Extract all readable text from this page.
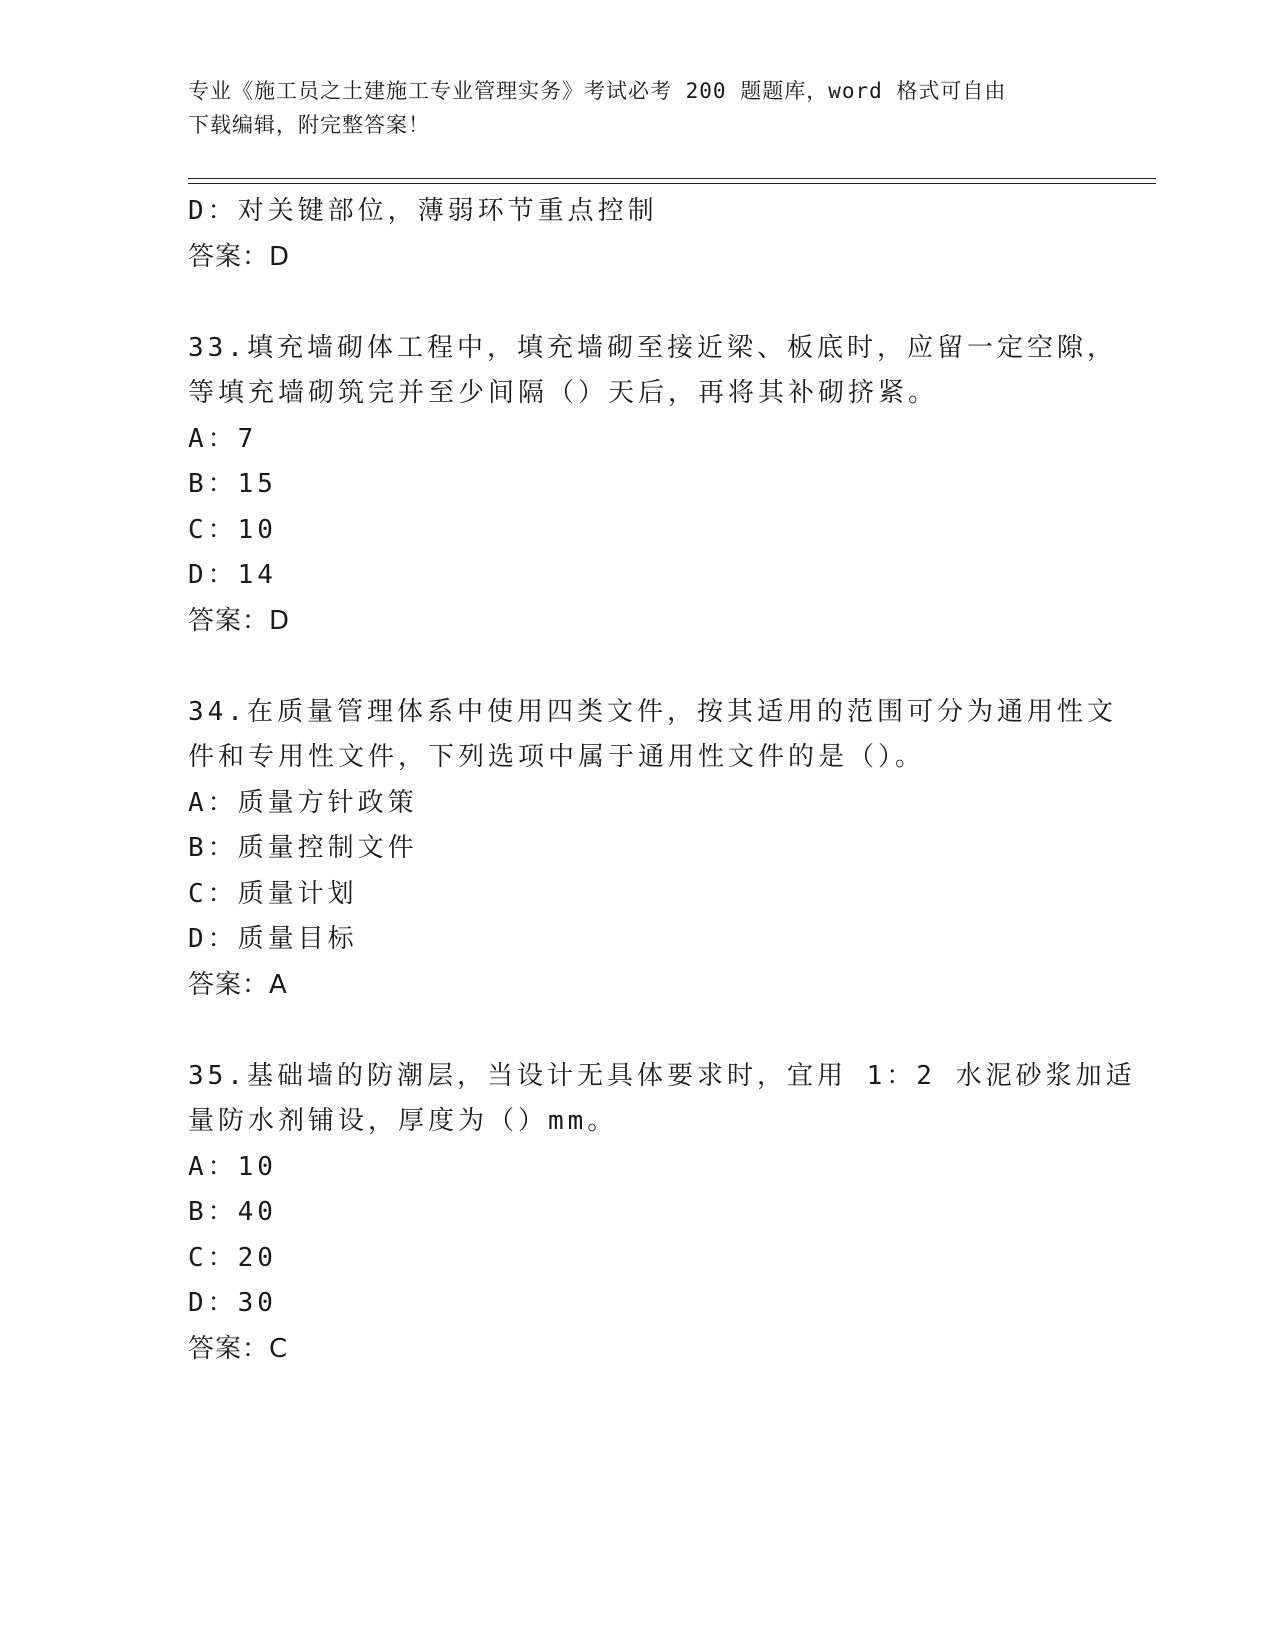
专业《施工员之土建施工专业管理实务》考试必考 200 题题库，word 格式可自由
下载编辑，附完整答案！
D：对关键部位，薄弱环节重点控制
答案：D
33.填充墙砌体工程中，填充墙砌至接近梁、板底时，应留一定空隙，
等填充墙砌筑完并至少间隔（）天后，再将其补砌挤紧。
A：7
B：15
C：10
D：14
答案：D
34.在质量管理体系中使用四类文件，按其适用的范围可分为通用性文
件和专用性文件，下列选项中属于通用性文件的是（）。
A：质量方针政策
B：质量控制文件
C：质量计划
D：质量目标
答案：A
35.基础墙的防潮层，当设计无具体要求时，宜用 1：2 水泥砂浆加适
量防水剂铺设，厚度为（）mm。
A：10
B：40
C：20
D：30
答案：C
